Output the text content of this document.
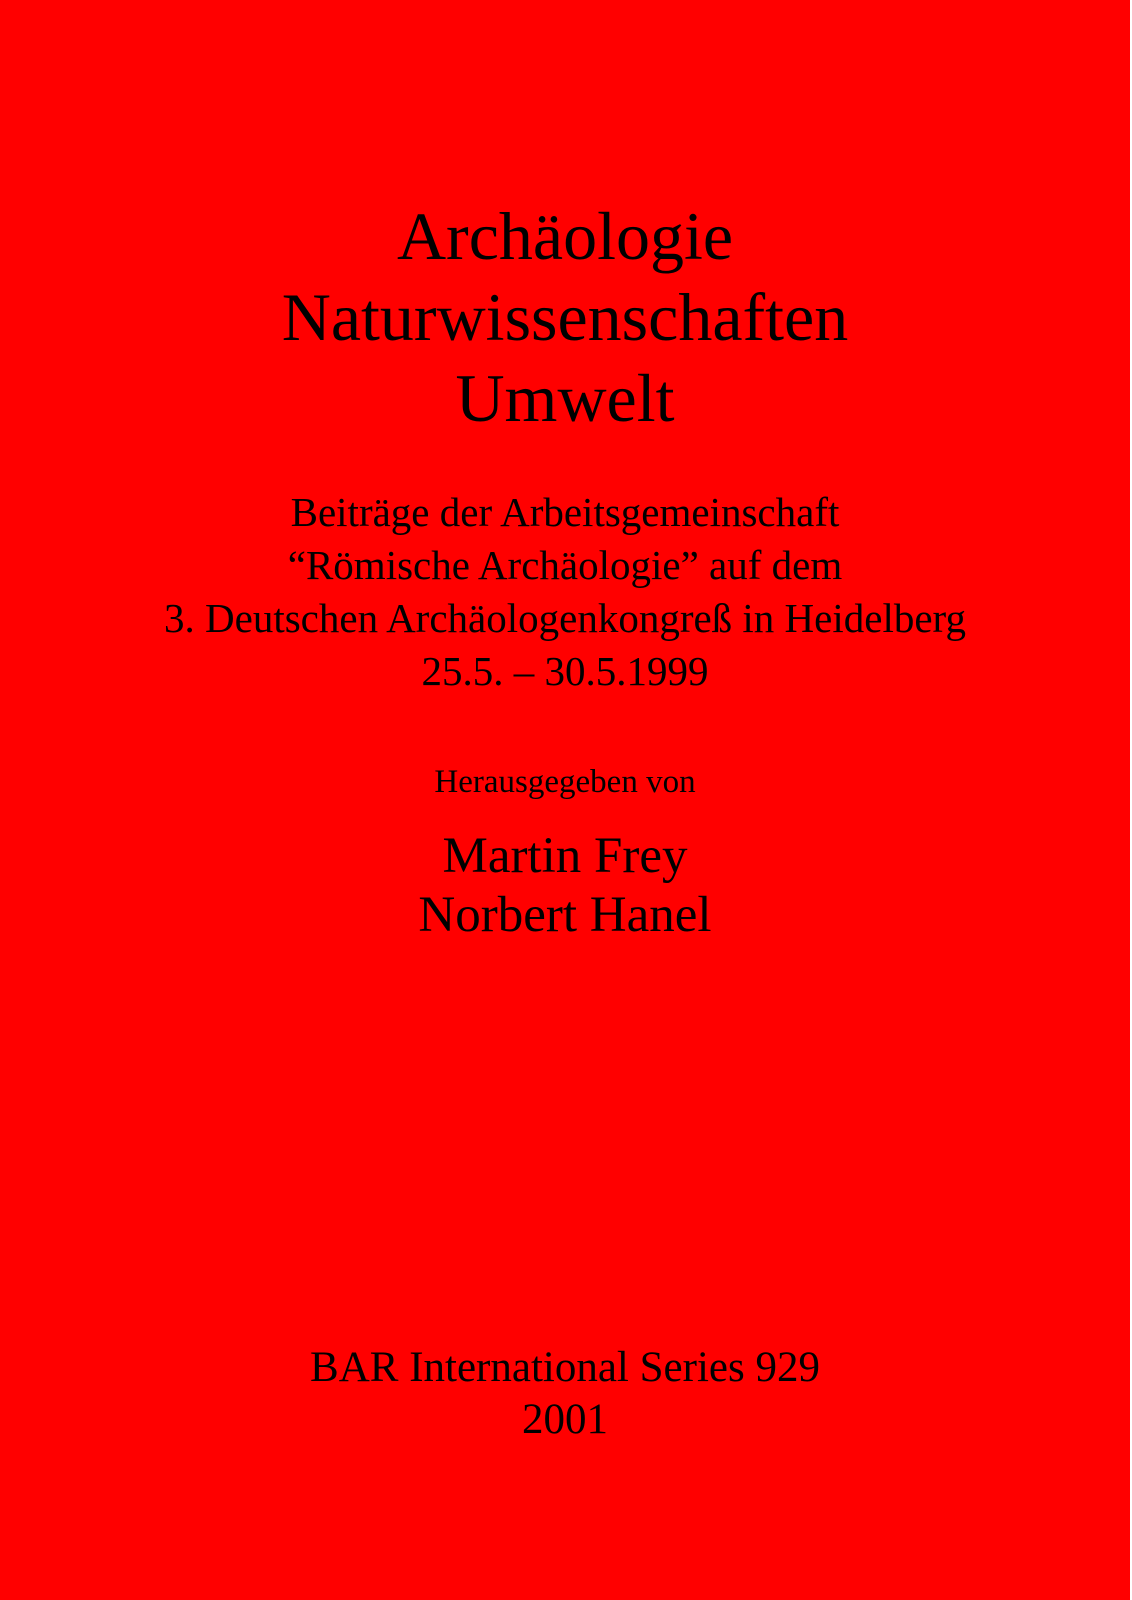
Archäologie
Naturwissenschaften
Umwelt
Beiträge der Arbeitsgemeinschaft
“Römische Archäologie” auf dem
3. Deutschen Archäologenkongreß in Heidelberg
25.5. – 30.5.1999
Herausgegeben von
Martin Frey
Norbert Hanel
BAR International Series 929
2001
